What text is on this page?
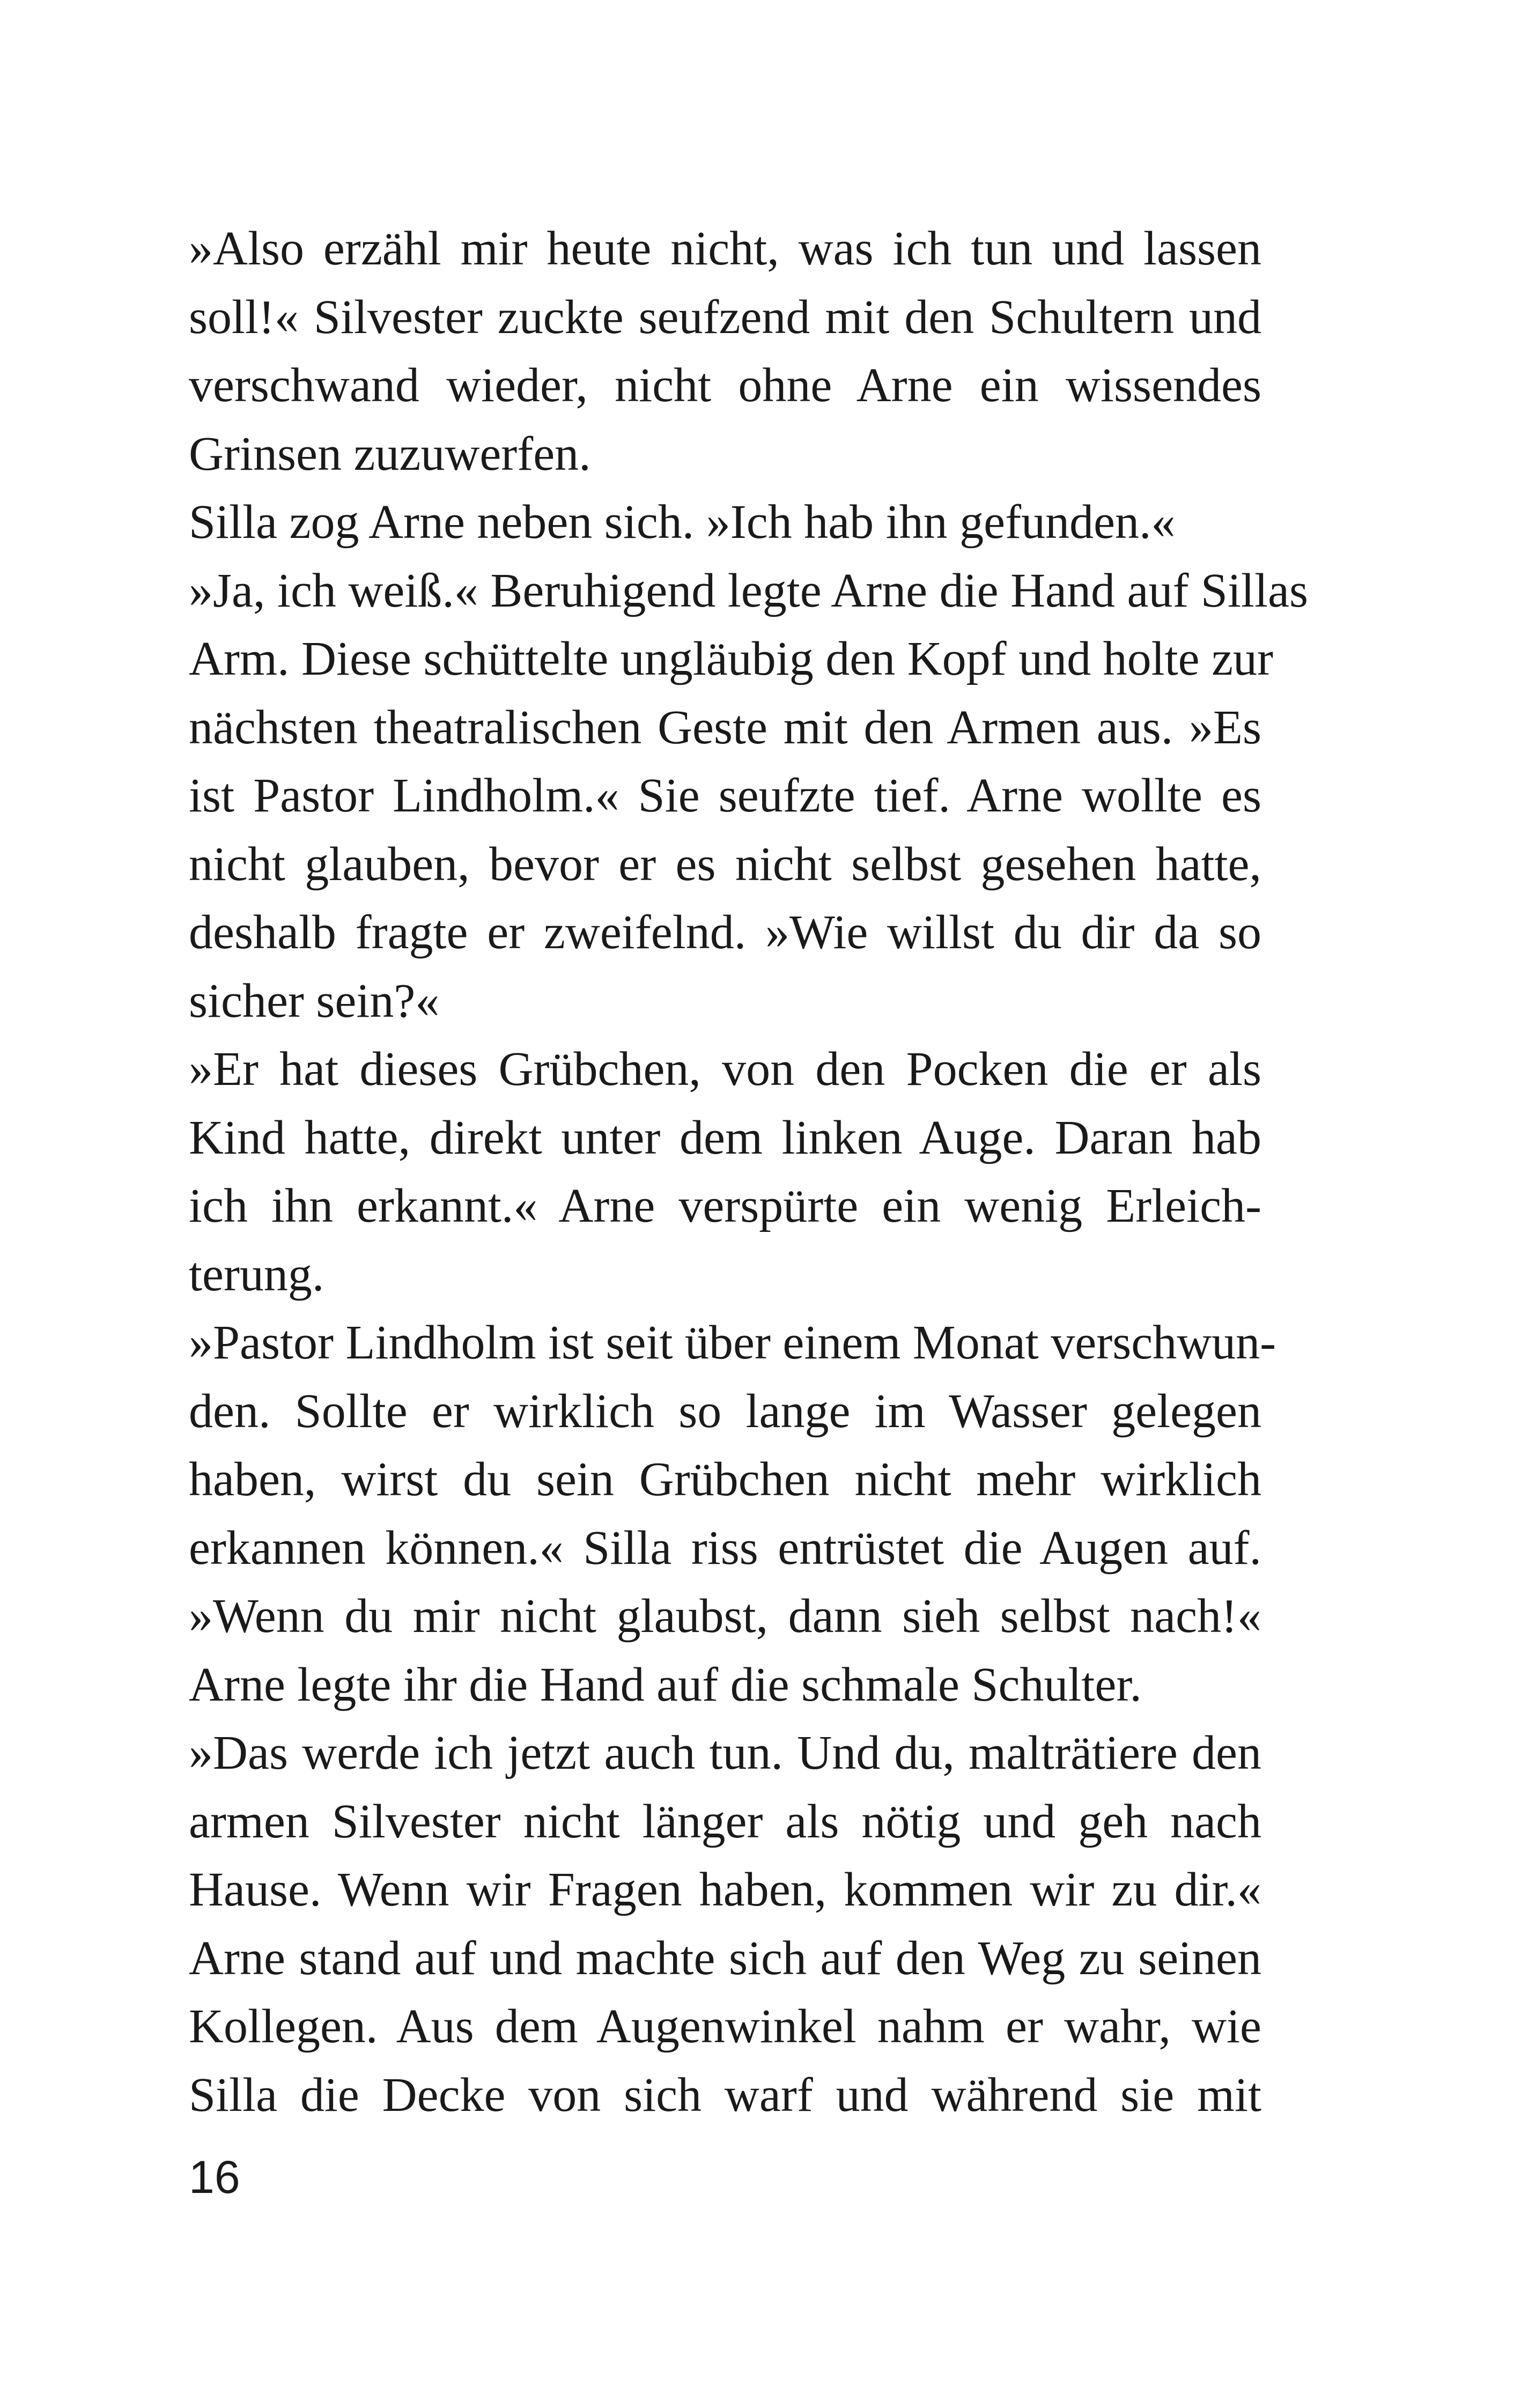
»Also erzähl mir heute nicht, was ich tun und lassen
soll!« Silvester zuckte seufzend mit den Schultern und
verschwand wieder, nicht ohne Arne ein wissendes
Grinsen zuzuwerfen.
Silla zog Arne neben sich. »Ich hab ihn gefunden.«
»Ja, ich weiß.« Beruhigend legte Arne die Hand auf Sillas
Arm. Diese schüttelte ungläubig den Kopf und holte zur
nächsten theatralischen Geste mit den Armen aus. »Es
ist Pastor Lindholm.« Sie seufzte tief. Arne wollte es
nicht glauben, bevor er es nicht selbst gesehen hatte,
deshalb fragte er zweifelnd. »Wie willst du dir da so
sicher sein?«
»Er hat dieses Grübchen, von den Pocken die er als
Kind hatte, direkt unter dem linken Auge. Daran hab
ich ihn erkannt.« Arne verspürte ein wenig Erleich-
terung.
»Pastor Lindholm ist seit über einem Monat verschwun-
den. Sollte er wirklich so lange im Wasser gelegen
haben, wirst du sein Grübchen nicht mehr wirklich
erkannen können.« Silla riss entrüstet die Augen auf.
»Wenn du mir nicht glaubst, dann sieh selbst nach!«
Arne legte ihr die Hand auf die schmale Schulter.
»Das werde ich jetzt auch tun. Und du, malträtiere den
armen Silvester nicht länger als nötig und geh nach
Hause. Wenn wir Fragen haben, kommen wir zu dir.«
Arne stand auf und machte sich auf den Weg zu seinen
Kollegen. Aus dem Augenwinkel nahm er wahr, wie
Silla die Decke von sich warf und während sie mit
16
